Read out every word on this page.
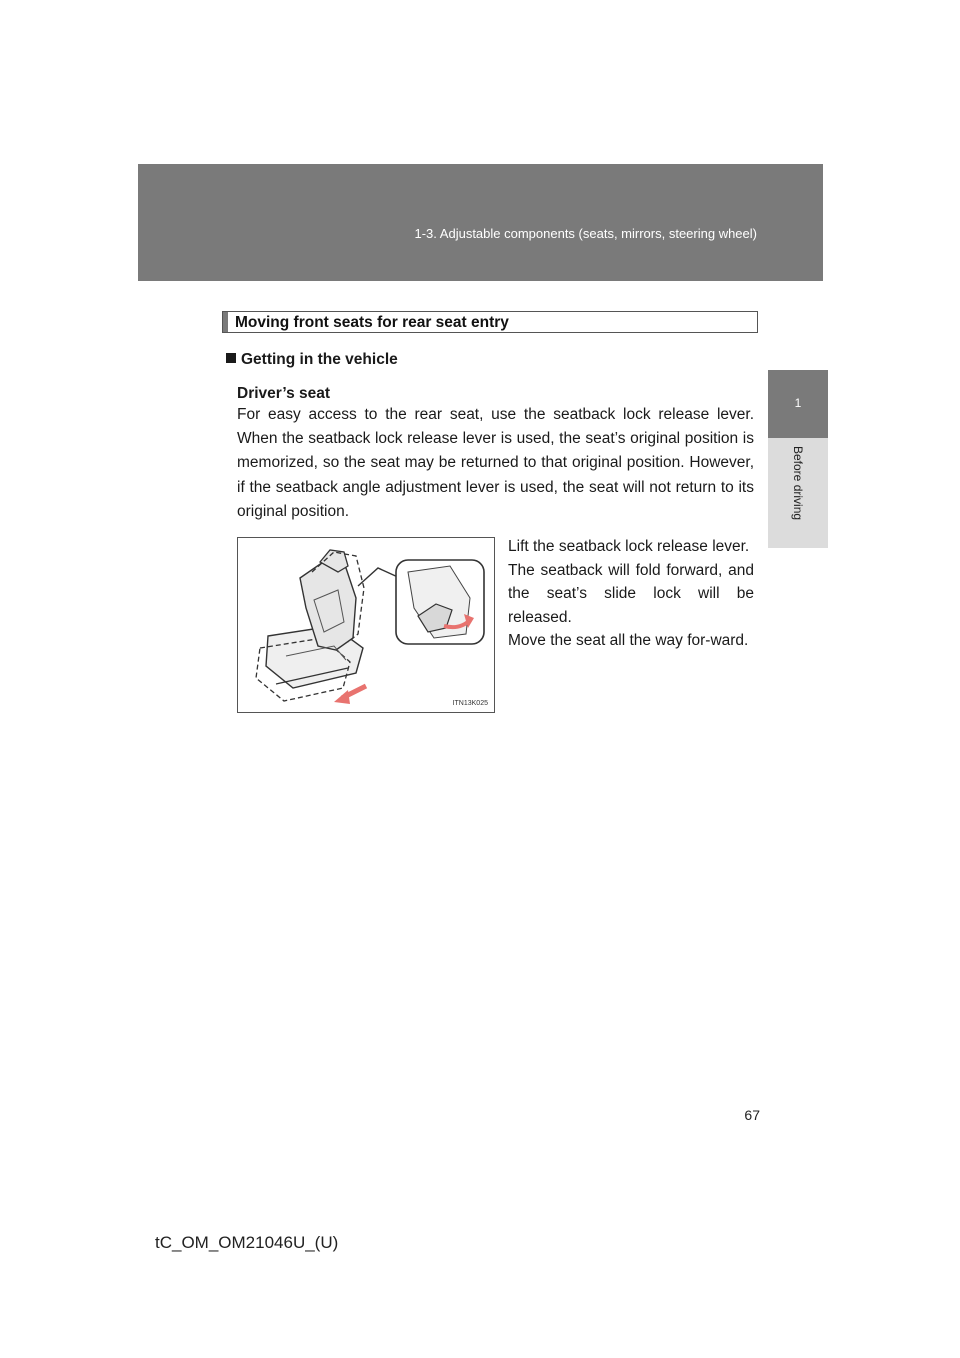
1-3. Adjustable components (seats, mirrors, steering wheel)
1
Before driving
Moving front seats for rear seat entry
Getting in the vehicle
Driver’s seat
For easy access to the rear seat, use the seatback lock release lever. When the seatback lock release lever is used, the seat’s original position is memorized, so the seat may be returned to that original position. However, if the seatback angle adjustment lever is used, the seat will not return to its original position.
ITN13K025

Lift the seatback lock release lever.

The seatback will fold forward, and the seat’s slide lock will be released.

Move the seat all the way for-ward.

67
tC_OM_OM21046U_(U)
